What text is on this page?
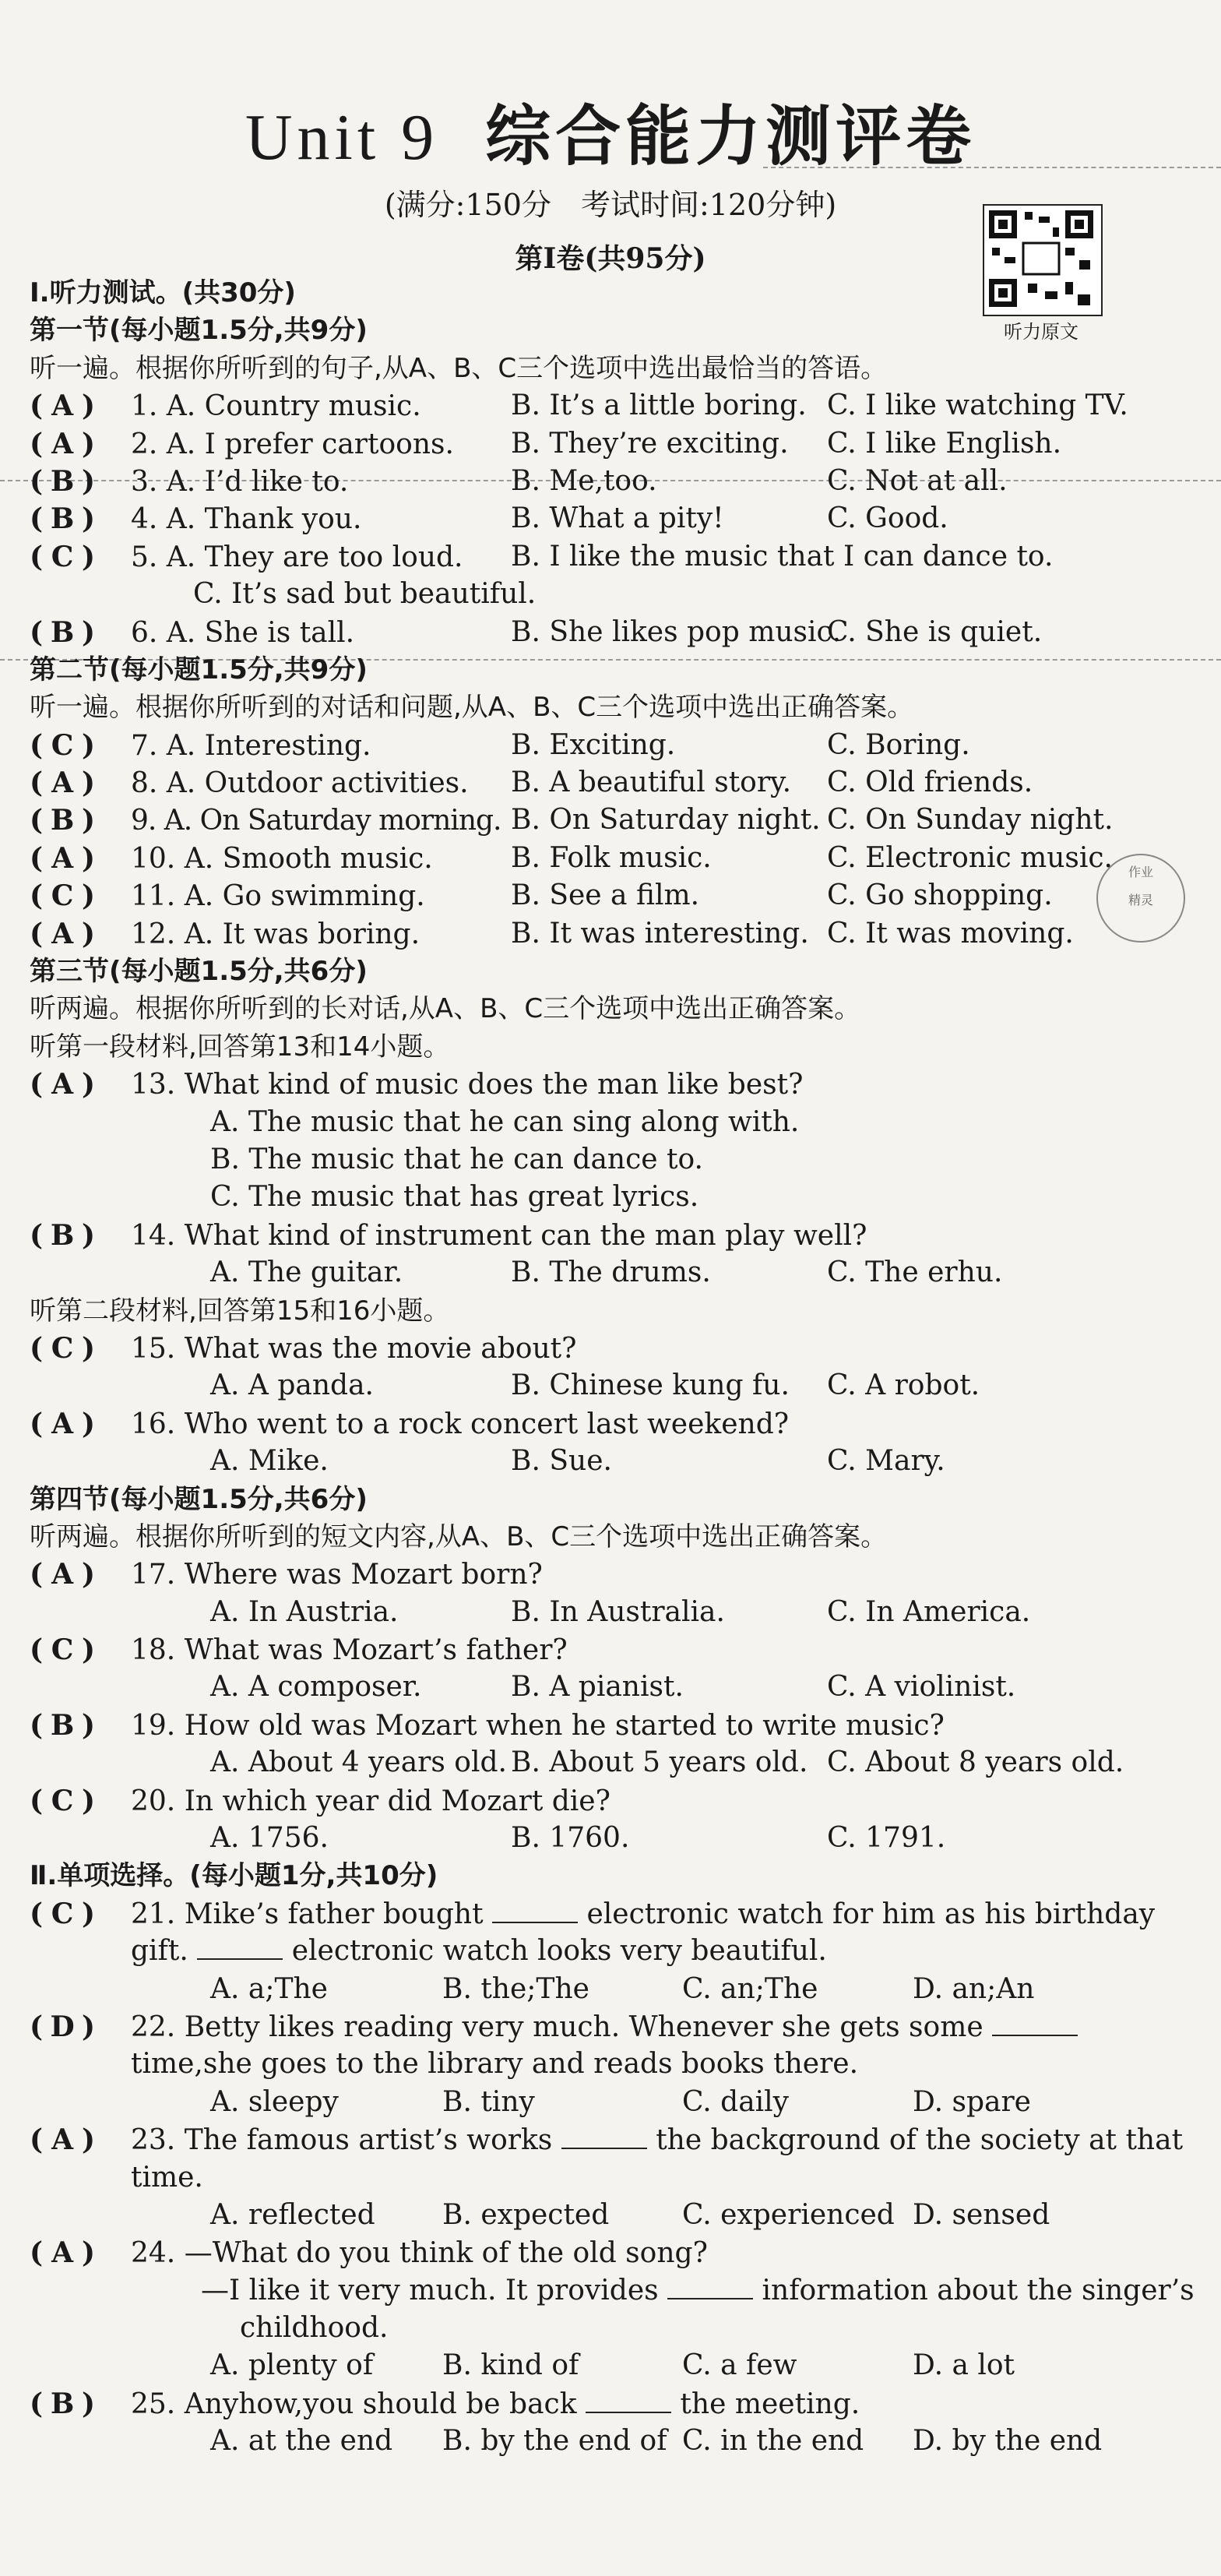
Unit 9 综合能力测评卷
(满分:150分　考试时间:120分钟)
第Ⅰ卷(共95分)
听力原文
作业
精灵
Ⅰ.听力测试。(共30分)
第一节(每小题1.5分,共9分)
听一遍。根据你所听到的句子,从A、B、C三个选项中选出最恰当的答语。
( A ) 1. A. Country music.	B. It’s a little boring. C. I like watching TV.
( A ) 2. A. I prefer cartoons. B. They’re exciting. C. I like English.
( B ) 3. A. I’d like to.	B. Me,too.	C. Not at all.
( B ) 4. A. Thank you.	B. What a pity!	C. Good.
( C ) 5. A. They are too loud. B. I like the music that I can dance to.
C. It’s sad but beautiful.
( B ) 6. A. She is tall.	B. She likes pop music.
C. She is quiet.
第二节(每小题1.5分,共9分)
听一遍。根据你所听到的对话和问题,从A、B、C三个选项中选出正确答案。
( C ) 7. A. Interesting.	B. Exciting.	C. Boring.
( A ) 8. A. Outdoor activities. B. A beautiful story. C. Old friends.
( B ) 9. A. On Saturday morning. B. On Saturday night. C. On Sunday night.
( A ) 10. A. Smooth music.	B. Folk music.	C. Electronic music.
( C ) 11. A. Go swimming.	B. See a film.	C. Go shopping.
( A ) 12. A. It was boring.	B. It was interesting. C. It was moving.
第三节(每小题1.5分,共6分)
听两遍。根据你所听到的长对话,从A、B、C三个选项中选出正确答案。
听第一段材料,回答第13和14小题。
( A ) 13. What kind of music does the man like best?
A. The music that he can sing along with.
B. The music that he can dance to.
C. The music that has great lyrics.
( B ) 14. What kind of instrument can the man play well?
A. The guitar.	B. The drums.	C. The erhu.
听第二段材料,回答第15和16小题。
( C ) 15. What was the movie about?
A. A panda.	B. Chinese kung fu. C. A robot.
( A ) 16. Who went to a rock concert last weekend?
A. Mike.	B. Sue.	C. Mary.
第四节(每小题1.5分,共6分)
听两遍。根据你所听到的短文内容,从A、B、C三个选项中选出正确答案。
( A ) 17. Where was Mozart born?
A. In Austria.	B. In Australia.	C. In America.
( C ) 18. What was Mozart’s father?
A. A composer.	B. A pianist.	C. A violinist.
( B ) 19. How old was Mozart when he started to write music?
A. About 4 years old. B. About 5 years old. C. About 8 years old.
( C ) 20. In which year did Mozart die?
A. 1756.	B. 1760.	C. 1791.
Ⅱ.单项选择。(每小题1分,共10分)
( C ) 21. Mike’s father bought	electronic watch for him as his birthday
gift.	electronic watch looks very beautiful.
A. a;The	B. the;The	C. an;The	D. an;An
( D ) 22. Betty likes reading very much. Whenever she gets some
time,she goes to the library and reads books there.
A. sleepy	B. tiny	C. daily	D. spare
( A ) 23. The famous artist’s works	the background of the society at that
time.
A. reflected B. expected	C. experienced D. sensed
( A ) 24. —What do you think of the old song?
—I like it very much. It provides	information about the singer’s
childhood.
A. plenty of B. kind of	C. a few	D. a lot
( B ) 25. Anyhow,you should be back	the meeting.
A. at the end B. by the end of C. in the end D. by the end
